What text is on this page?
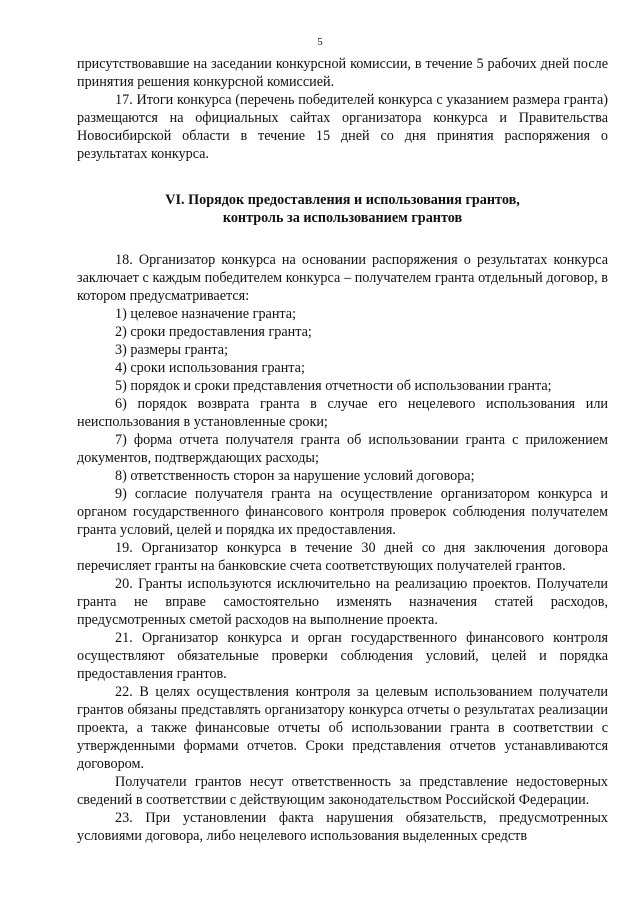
5

присутствовавшие на заседании конкурсной комиссии, в течение 5 рабочих дней после принятия решения конкурсной комиссией.

17. Итоги конкурса (перечень победителей конкурса с указанием размера гранта) размещаются на официальных сайтах организатора конкурса и Правительства Новосибирской области в течение 15 дней со дня принятия распоряжения о результатах конкурса.

VI. Порядок предоставления и использования грантов,
контроль за использованием грантов

18. Организатор конкурса на основании распоряжения о результатах конкурса заключает с каждым победителем конкурса – получателем гранта отдельный договор, в котором предусматривается:

1) целевое назначение гранта;

2) сроки предоставления гранта;

3) размеры гранта;

4) сроки использования гранта;

5) порядок и сроки представления отчетности об использовании гранта;

6) порядок возврата гранта в случае его нецелевого использования или неиспользования в установленные сроки;

7) форма отчета получателя гранта об использовании гранта с приложением документов, подтверждающих расходы;

8) ответственность сторон за нарушение условий договора;

9) согласие получателя гранта на осуществление организатором конкурса и органом государственного финансового контроля проверок соблюдения получателем гранта условий, целей и порядка их предоставления.

19. Организатор конкурса в течение 30 дней со дня заключения договора перечисляет гранты на банковские счета соответствующих получателей грантов.

20. Гранты используются исключительно на реализацию проектов. Получатели гранта не вправе самостоятельно изменять назначения статей расходов, предусмотренных сметой расходов на выполнение проекта.

21. Организатор конкурса и орган государственного финансового контроля осуществляют обязательные проверки соблюдения условий, целей и порядка предоставления грантов.

22. В целях осуществления контроля за целевым использованием получатели грантов обязаны представлять организатору конкурса отчеты о результатах реализации проекта, а также финансовые отчеты об использовании гранта в соответствии с утвержденными формами отчетов. Сроки представления отчетов устанавливаются договором.

Получатели грантов несут ответственность за представление недостоверных сведений в соответствии с действующим законодательством Российской Федерации.

23. При установлении факта нарушения обязательств, предусмотренных условиями договора, либо нецелевого использования выделенных средств
